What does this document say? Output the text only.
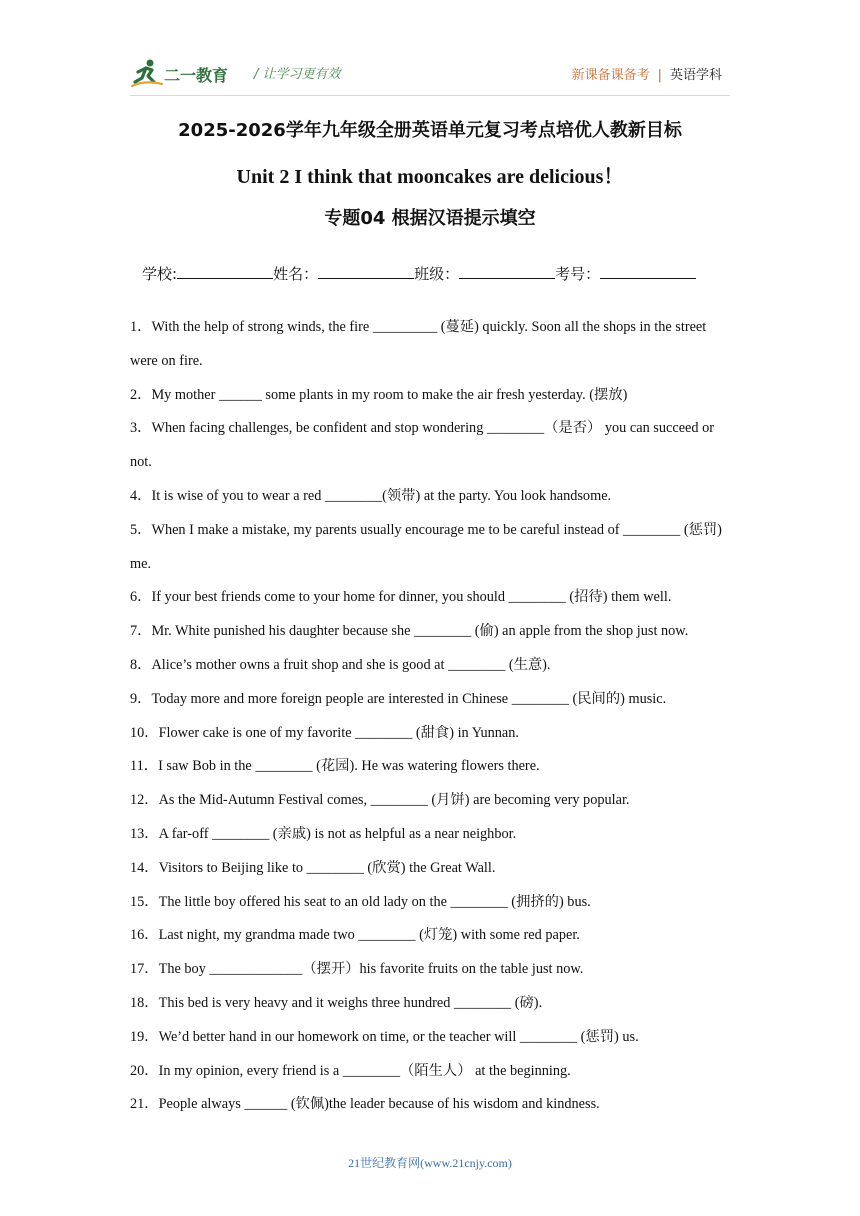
二一教育 / 让学习更有效	新课备课备考 | 英语学科
2025-2026学年九年级全册英语单元复习考点培优人教新目标
Unit 2 I think that mooncakes are delicious！
专题04 根据汉语提示填空
学校:	姓名：	班级：	考号：

1．With the help of strong winds, the fire _________ (蔓延) quickly. Soon all the shops in the street were on fire.

2．My mother ______ some plants in my room to make the air fresh yesterday. (摆放)

3．When facing challenges, be confident and stop wondering ________（是否） you can succeed or not.

4．It is wise of you to wear a red ________(领带) at the party. You look handsome.

5．When I make a mistake, my parents usually encourage me to be careful instead of ________ (惩罚) me.

6．If your best friends come to your home for dinner, you should ________ (招待) them well.

7．Mr. White punished his daughter because she ________ (偷) an apple from the shop just now.

8．Alice’s mother owns a fruit shop and she is good at ________ (生意).

9．Today more and more foreign people are interested in Chinese ________ (民间的) music.

10．Flower cake is one of my favorite ________ (甜食) in Yunnan.

11．I saw Bob in the ________ (花园). He was watering flowers there.

12．As the Mid-Autumn Festival comes, ________ (月饼) are becoming very popular.

13．A far-off ________ (亲戚) is not as helpful as a near neighbor.

14．Visitors to Beijing like to ________ (欣赏) the Great Wall.

15．The little boy offered his seat to an old lady on the ________ (拥挤的) bus.

16．Last night, my grandma made two ________ (灯笼) with some red paper.

17．The boy _____________（摆开）his favorite fruits on the table just now.

18．This bed is very heavy and it weighs three hundred ________ (磅).

19．We’d better hand in our homework on time, or the teacher will ________ (惩罚) us.

20．In my opinion, every friend is a ________（陌生人） at the beginning.

21．People always ______ (钦佩)the leader because of his wisdom and kindness.

21世纪教育网(www.21cnjy.com)
